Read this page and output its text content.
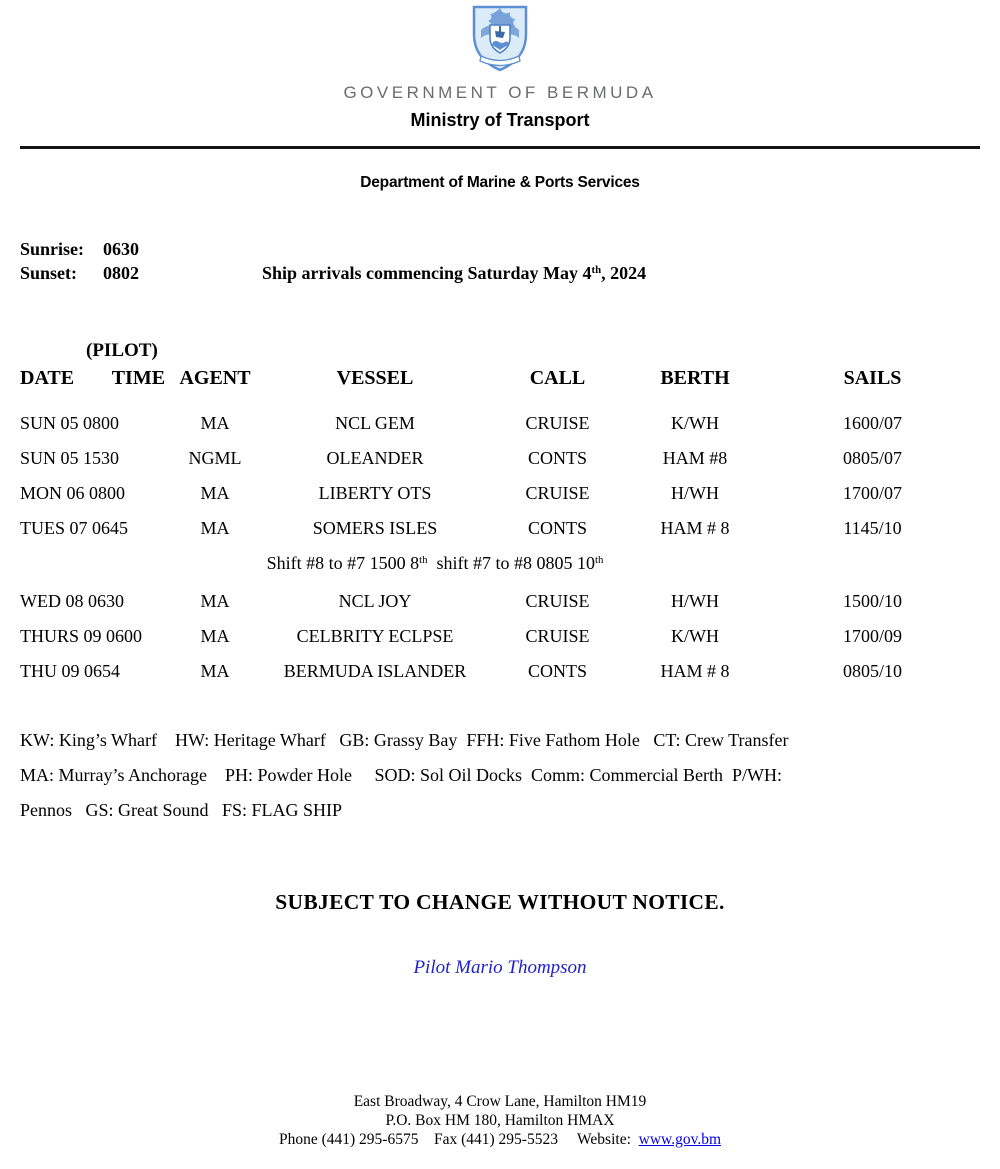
GOVERNMENT OF BERMUDA
Ministry of Transport
Department of Marine & Ports Services
Sunrise: 0630
Sunset: 0802	Ship arrivals commencing Saturday May 4th, 2024
(PILOT)
DATE  TIME AGENT	VESSEL	CALL	BERTH	SAILS
SUN 05 0800	MA	NCL GEM	CRUISE	K/WH	1600/07
SUN 05 1530	NGML	OLEANDER	CONTS	HAM #8	0805/07
MON 06 0800	MA	LIBERTY OTS	CRUISE	H/WH	1700/07
TUES 07 0645	MA	SOMERS ISLES	CONTS	HAM # 8	1145/10
Shift #8 to #7 1500 8th  shift #7 to #8 0805 10th
WED 08 0630	MA	NCL JOY	CRUISE	H/WH	1500/10
THURS 09 0600	MA	CELBRITY ECLPSE	CRUISE	K/WH	1700/09
THU 09 0654	MA	BERMUDA ISLANDER	CONTS	HAM # 8	0805/10
KW: King’s Wharf    HW: Heritage Wharf   GB: Grassy Bay  FFH: Five Fathom Hole   CT: Crew Transfer
MA: Murray’s Anchorage    PH: Powder Hole     SOD: Sol Oil Docks  Comm: Commercial Berth  P/WH:
Pennos   GS: Great Sound   FS: FLAG SHIP
SUBJECT TO CHANGE WITHOUT NOTICE.
Pilot Mario Thompson
East Broadway, 4 Crow Lane, Hamilton HM19
P.O. Box HM 180, Hamilton HMAX
Phone (441) 295-6575    Fax (441) 295-5523     Website:  www.gov.bm
